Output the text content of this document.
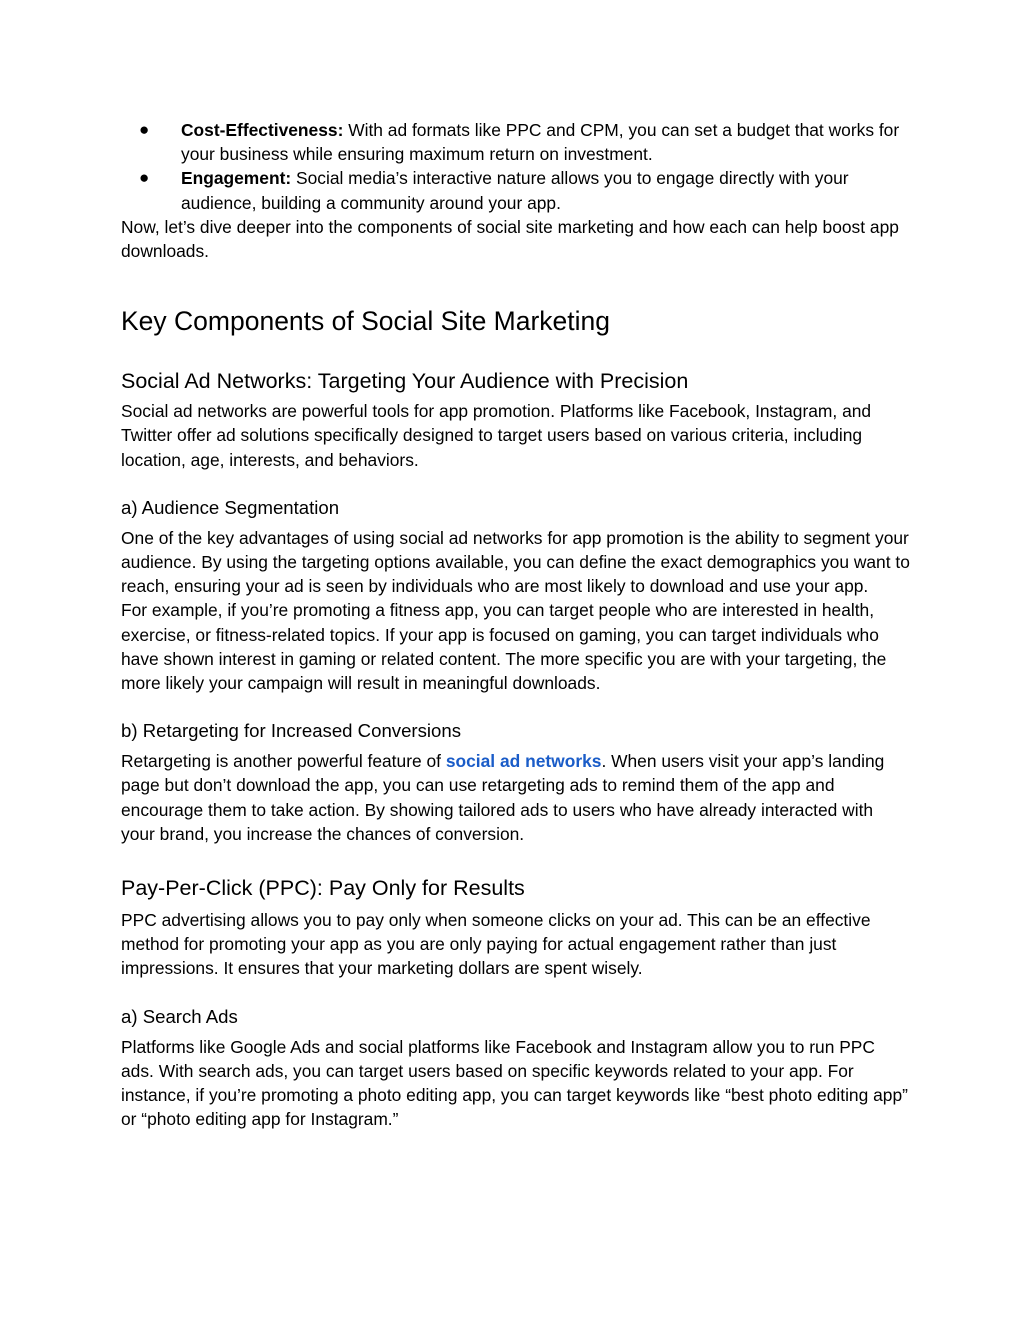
● Cost-Effectiveness: With ad formats like PPC and CPM, you can set a budget that works for your business while ensuring maximum return on investment.
● Engagement: Social media’s interactive nature allows you to engage directly with your audience, building a community around your app.

Now, let’s dive deeper into the components of social site marketing and how each can help boost app downloads.

Key Components of Social Site Marketing
Social Ad Networks: Targeting Your Audience with Precision

Social ad networks are powerful tools for app promotion. Platforms like Facebook, Instagram, and Twitter offer ad solutions specifically designed to target users based on various criteria, including location, age, interests, and behaviors.

a) Audience Segmentation

One of the key advantages of using social ad networks for app promotion is the ability to segment your audience. By using the targeting options available, you can define the exact demographics you want to reach, ensuring your ad is seen by individuals who are most likely to download and use your app.

For example, if you’re promoting a fitness app, you can target people who are interested in health, exercise, or fitness-related topics. If your app is focused on gaming, you can target individuals who have shown interest in gaming or related content. The more specific you are with your targeting, the more likely your campaign will result in meaningful downloads.

b) Retargeting for Increased Conversions

Retargeting is another powerful feature of social ad networks. When users visit your app’s landing page but don’t download the app, you can use retargeting ads to remind them of the app and encourage them to take action. By showing tailored ads to users who have already interacted with your brand, you increase the chances of conversion.

Pay-Per-Click (PPC): Pay Only for Results

PPC advertising allows you to pay only when someone clicks on your ad. This can be an effective method for promoting your app as you are only paying for actual engagement rather than just impressions. It ensures that your marketing dollars are spent wisely.

a) Search Ads

Platforms like Google Ads and social platforms like Facebook and Instagram allow you to run PPC ads. With search ads, you can target users based on specific keywords related to your app. For instance, if you’re promoting a photo editing app, you can target keywords like “best photo editing app” or “photo editing app for Instagram.”
